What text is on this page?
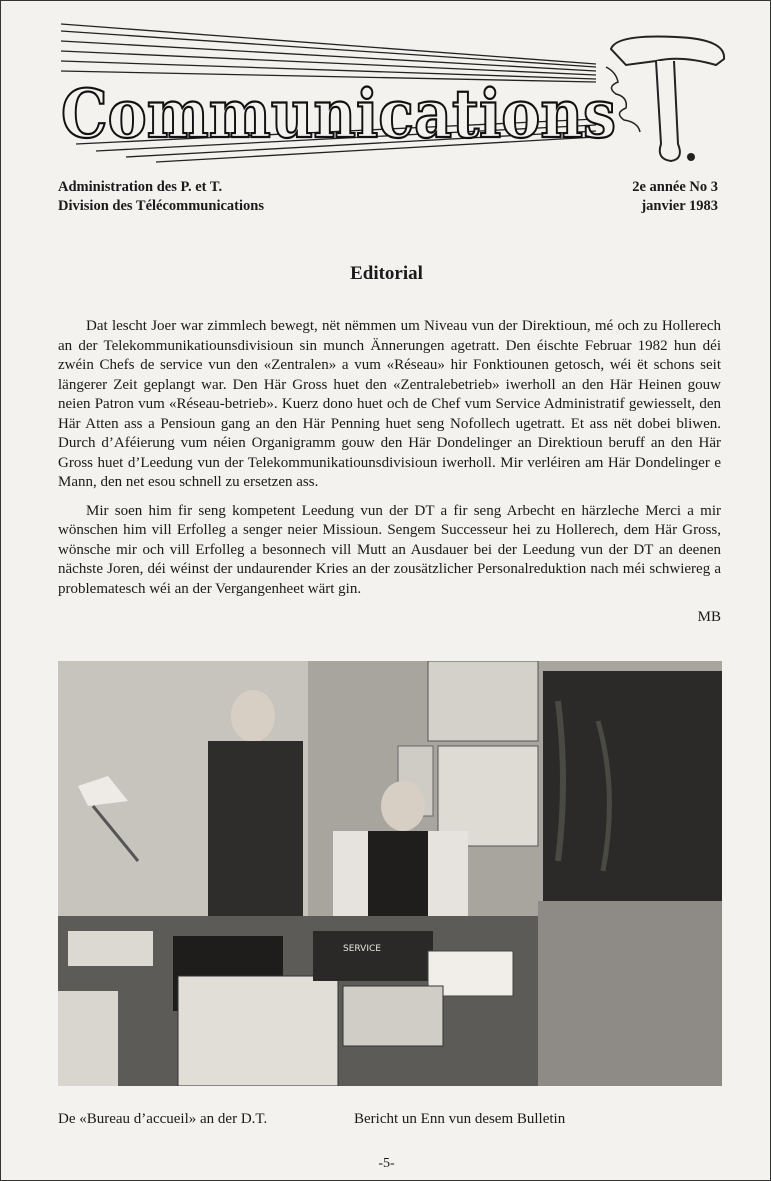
Communications
Administration des P. et T.
Division des Télécommunications
2e année No 3
janvier 1983
Editorial

Dat lescht Joer war zimmlech bewegt, nët nëmmen um Niveau vun der Direktioun, mé och zu Hollerech an der Telekommunikatiounsdivisioun sin munch Ännerungen agetratt. Den éischte Februar 1982 hun déi zwéin Chefs de service vun den «Zentralen» a vum «Réseau» hir Fonktiounen getosch, wéi ët schons seit längerer Zeit geplangt war. Den Här Gross huet den «Zentralebetrieb» iwerholl an den Här Heinen gouw neien Patron vum «Réseau-betrieb». Kuerz dono huet och de Chef vum Service Administratif gewiesselt, den Här Atten ass a Pensioun gang an den Här Penning huet seng Nofollech ugetratt. Et ass nët dobei bliwen. Durch d’Aféierung vum néien Organigramm gouw den Här Dondelinger an Direktioun beruff an den Här Gross huet d’Leedung vun der Telekommunikatiounsdivisioun iwerholl. Mir verléiren am Här Dondelinger e Mann, den net esou schnell zu ersetzen ass.

Mir soen him fir seng kompetent Leedung vun der DT a fir seng Arbecht en härzleche Merci a mir wönschen him vill Erfolleg a senger neier Missioun. Sengem Successeur hei zu Hollerech, dem Här Gross, wönsche mir och vill Erfolleg a besonnech vill Mutt an Ausdauer bei der Leedung vun der DT an deenen nächste Joren, déi wéinst der undaurender Kries an der zousätzlicher Personalreduktion nach méi schwiereg a problematesch wéi an der Vergangenheet wärt gin.

MB

SERVICE
De «Bureau d’accueil» an der D.T.	Bericht un Enn vun desem Bulletin
-5-
